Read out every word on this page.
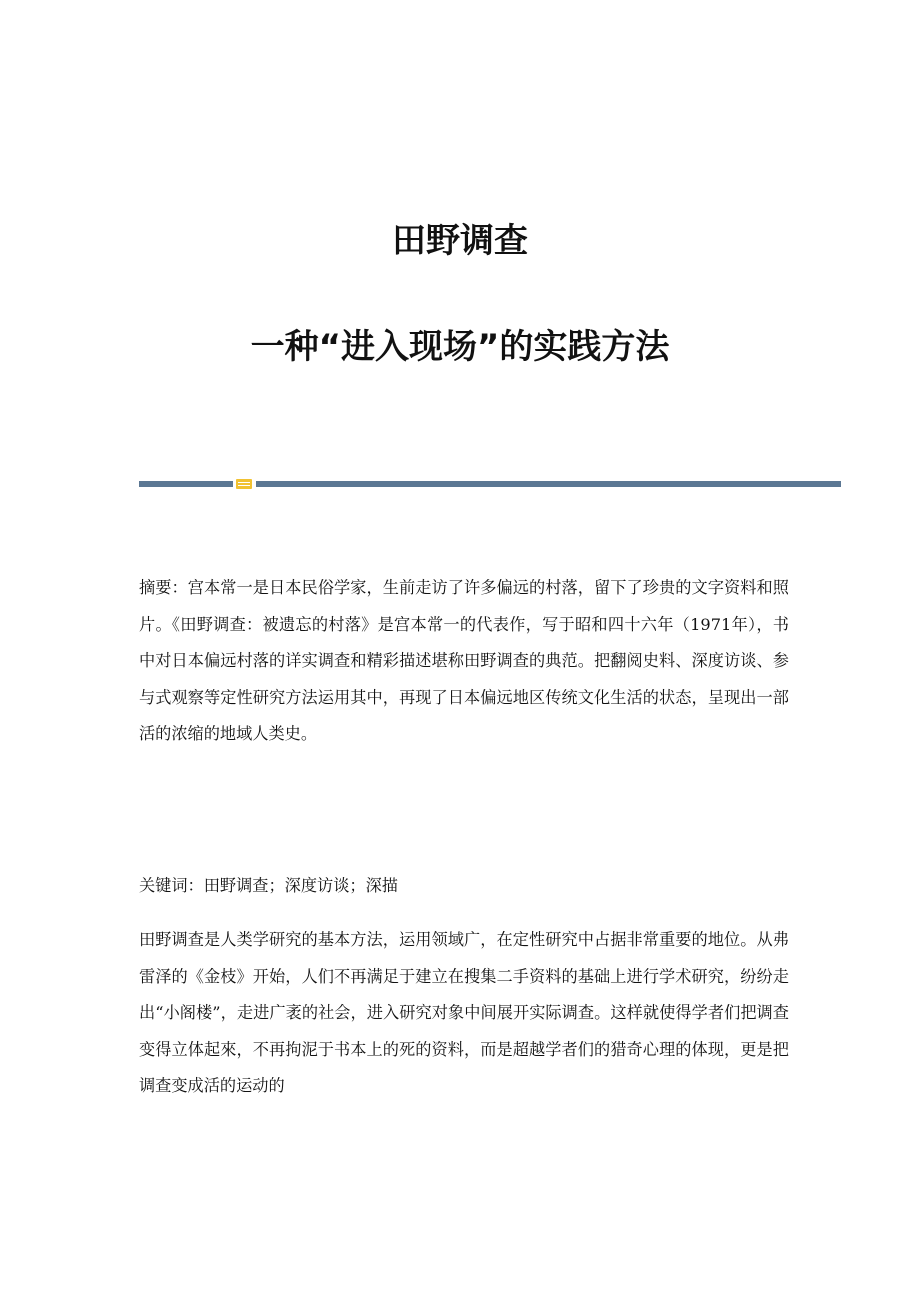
田野调查
一种“进入现场”的实践方法

摘要：宫本常一是日本民俗学家，生前走访了许多偏远的村落，留下了珍贵的文字资料和照片。《田野调查：被遗忘的村落》是宫本常一的代表作，写于昭和四十六年（1971年），书中对日本偏远村落的详实调查和精彩描述堪称田野调查的典范。把翻阅史料、深度访谈、参与式观察等定性研究方法运用其中，再现了日本偏远地区传统文化生活的状态，呈现出一部活的浓缩的地域人类史。

关键词：田野调查；深度访谈；深描

田野调查是人类学研究的基本方法，运用领域广，在定性研究中占据非常重要的地位。从弗雷泽的《金枝》开始，人们不再满足于建立在搜集二手资料的基础上进行学术研究，纷纷走出“小阁楼”，走进广袤的社会，进入研究对象中间展开实际调查。这样就使得学者们把调查变得立体起來，不再拘泥于书本上的死的资料，而是超越学者们的猎奇心理的体现，更是把调查变成活的运动的
